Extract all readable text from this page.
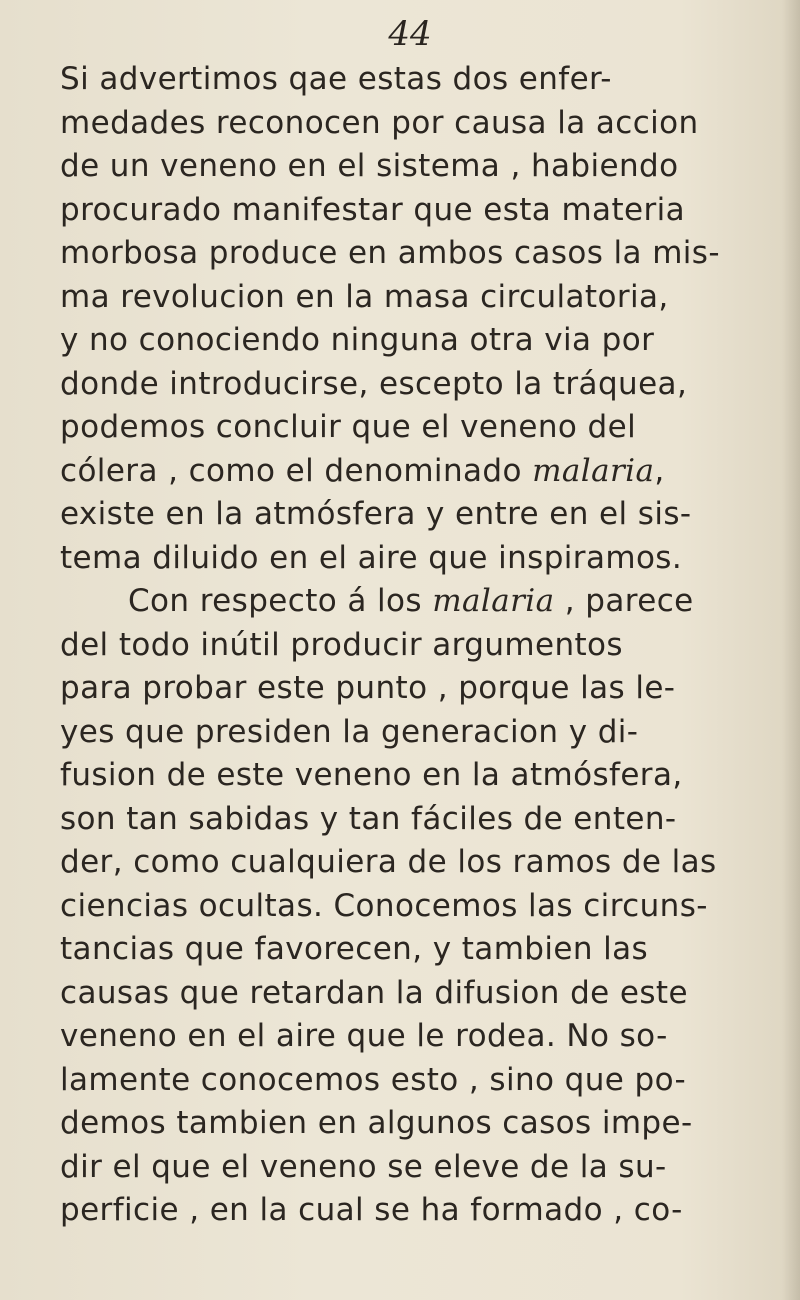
44
Si advertimos qae estas dos enfer-
medades reconocen por causa la accion
de un veneno en el sistema , habiendo
procurado manifestar que esta materia
morbosa produce en ambos casos la mis-
ma revolucion en la masa circulatoria,
y no conociendo ninguna otra via por
donde introducirse, escepto la tráquea,
podemos concluir que el veneno del
cólera , como el denominado malaria,
existe en la atmósfera y entre en el sis-
tema diluido en el aire que inspiramos.
Con respecto á los malaria , parece
del todo inútil producir argumentos
para probar este punto , porque las le-
yes que presiden la generacion y di-
fusion de este veneno en la atmósfera,
son tan sabidas y tan fáciles de enten-
der, como cualquiera de los ramos de las
ciencias ocultas. Conocemos las circuns-
tancias que favorecen, y tambien las
causas que retardan la difusion de este
veneno en el aire que le rodea. No so-
lamente conocemos esto , sino que po-
demos tambien en algunos casos impe-
dir el que el veneno se eleve de la su-
perficie , en la cual se ha formado , co-
